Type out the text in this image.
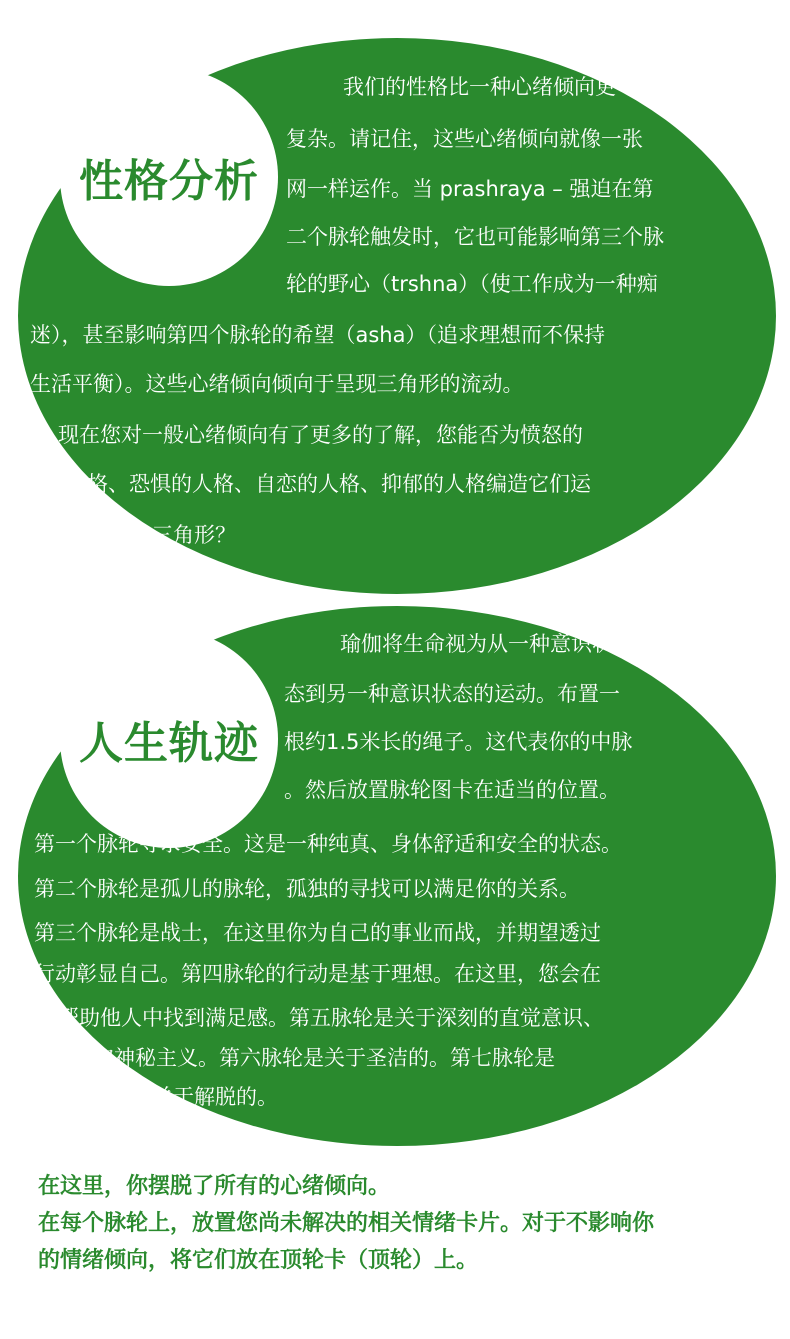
性格分析
我们的性格比一种心绪倾向更
复杂。请记住，这些心绪倾向就像一张
网一样运作。当 prashraya – 强迫在第
二个脉轮触发时，它也可能影响第三个脉
轮的野心（trshna）（使工作成为一种痴
迷），甚至影响第四个脉轮的希望（asha）（追求理想而不保持
生活平衡）。这些心绪倾向倾向于呈现三角形的流动。
现在您对一般心绪倾向有了更多的了解，您能否为愤怒的
人格、恐惧的人格、自恋的人格、抑郁的人格编造它们运
作的三角形？
人生轨迹
瑜伽将生命视为从一种意识状
态到另一种意识状态的运动。布置一
根约1.5米长的绳子。这代表你的中脉
。然后放置脉轮图卡在适当的位置。
第一个脉轮寻求安全。这是一种纯真、身体舒适和安全的状态。
第二个脉轮是孤儿的脉轮，孤独的寻找可以满足你的关系。
第三个脉轮是战士，在这里你为自己的事业而战，并期望透过
行动彰显自己。第四脉轮的行动是基于理想。在这里，您会在
帮助他人中找到满足感。第五脉轮是关于深刻的直觉意识、
献和神秘主义。第六脉轮是关于圣洁的。第七脉轮是
关于解脱的。
在这里，你摆脱了所有的心绪倾向。
在每个脉轮上，放置您尚未解决的相关情绪卡片。对于不影响你
的情绪倾向，将它们放在顶轮卡（顶轮）上。
